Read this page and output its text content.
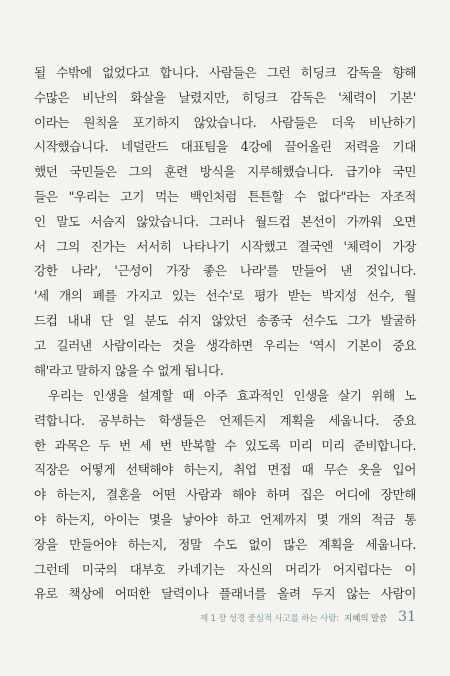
될 수밖에 없었다고 합니다. 사람들은 그런 히딩크 감독을 향해
수많은 비난의 화살을 날렸지만, 히딩크 감독은 '체력이 기본'
이라는 원칙을 포기하지 않았습니다. 사람들은 더욱 비난하기
시작했습니다. 네덜란드 대표팀을 4강에 끌어올린 저력을 기대
했던 국민들은 그의 훈련 방식을 지루해했습니다. 급기야 국민
들은 "우리는 고기 먹는 백인처럼 튼튼할 수 없다"라는 자조적
인 말도 서슴지 않았습니다. 그러나 월드컵 본선이 가까워 오면
서 그의 진가는 서서히 나타나기 시작했고 결국엔 '체력이 가장
강한 나라', '근성이 가장 좋은 나라'를 만들어 낸 것입니다.
'세 개의 폐를 가지고 있는 선수'로 평가 받는 박지성 선수, 월
드컵 내내 단 일 분도 쉬지 않았던 송종국 선수도 그가 발굴하
고 길러낸 사람이라는 것을 생각하면 우리는 '역시 기본이 중요
해'라고 말하지 않을 수 없게 됩니다.
우리는 인생을 설계할 때 아주 효과적인 인생을 살기 위해 노
력합니다. 공부하는 학생들은 언제든지 계획을 세웁니다. 중요
한 과목은 두 번 세 번 반복할 수 있도록 미리 미리 준비합니다.
직장은 어떻게 선택해야 하는지, 취업 면접 때 무슨 옷을 입어
야 하는지, 결혼을 어떤 사람과 해야 하며 집은 어디에 장만해
야 하는지, 아이는 몇을 낳아야 하고 언제까지 몇 개의 적금 통
장을 만들어야 하는지, 정말 수도 없이 많은 계획을 세웁니다.
그런데 미국의 대부호 카네기는 자신의 머리가 어지럽다는 이
유로 책상에 어떠한 달력이나 플래너를 올려 두지 않는 사람이
제 1 장 성경 중심적 사고를 하는 사람: 지혜의 말씀 31
